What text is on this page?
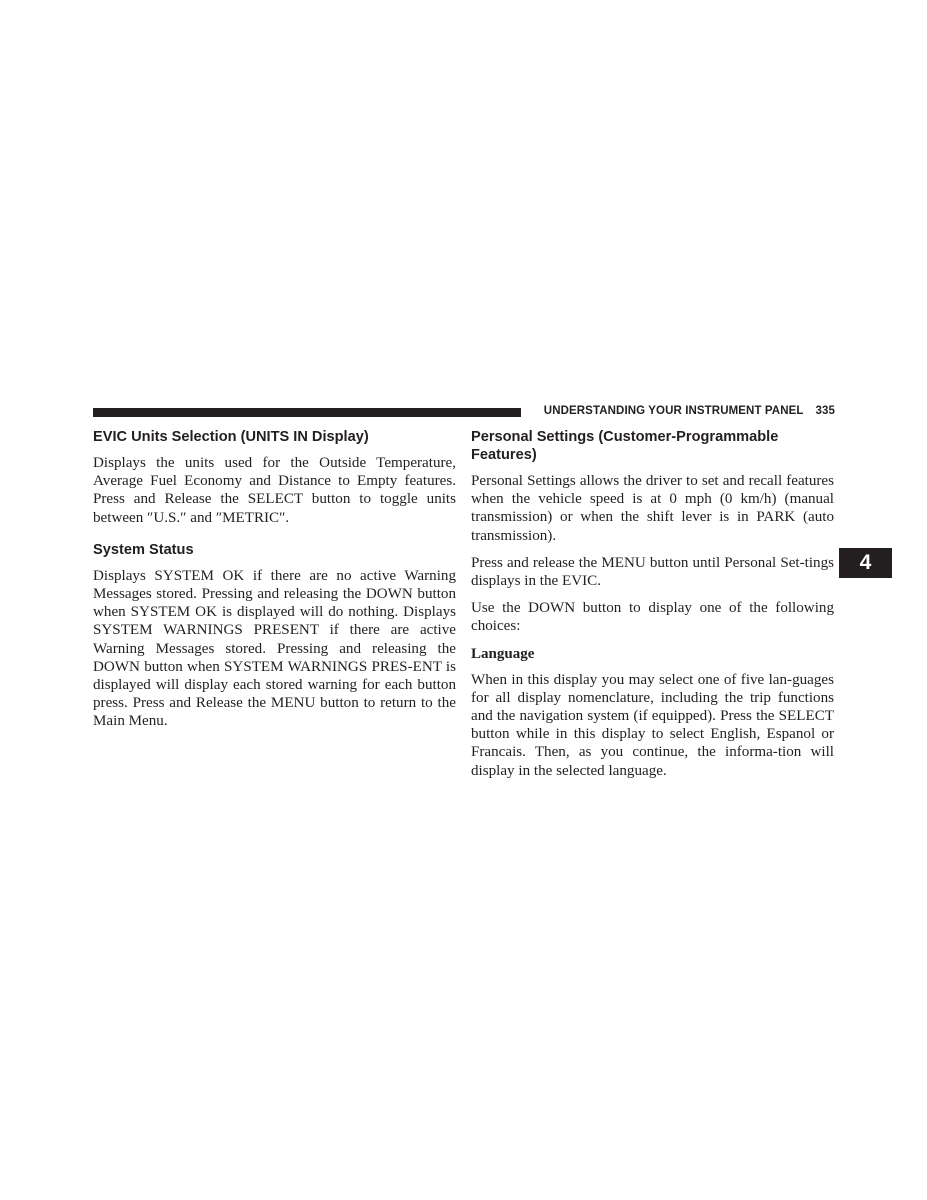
UNDERSTANDING YOUR INSTRUMENT PANEL 335
EVIC Units Selection (UNITS IN Display)

Displays the units used for the Outside Temperature, Average Fuel Economy and Distance to Empty features. Press and Release the SELECT button to toggle units between ″U.S.″ and ″METRIC″.

System Status

Displays SYSTEM OK if there are no active Warning Messages stored. Pressing and releasing the DOWN button when SYSTEM OK is displayed will do nothing. Displays SYSTEM WARNINGS PRESENT if there are active Warning Messages stored. Pressing and releasing the DOWN button when SYSTEM WARNINGS PRES-ENT is displayed will display each stored warning for each button press. Press and Release the MENU button to return to the Main Menu.

Personal Settings (Customer-Programmable Features)

Personal Settings allows the driver to set and recall features when the vehicle speed is at 0 mph (0 km/h) (manual transmission) or when the shift lever is in PARK (auto transmission).

Press and release the MENU button until Personal Set-tings displays in the EVIC.

Use the DOWN button to display one of the following choices:

Language

When in this display you may select one of five lan-guages for all display nomenclature, including the trip functions and the navigation system (if equipped). Press the SELECT button while in this display to select English, Espanol or Francais. Then, as you continue, the informa-tion will display in the selected language.

4
